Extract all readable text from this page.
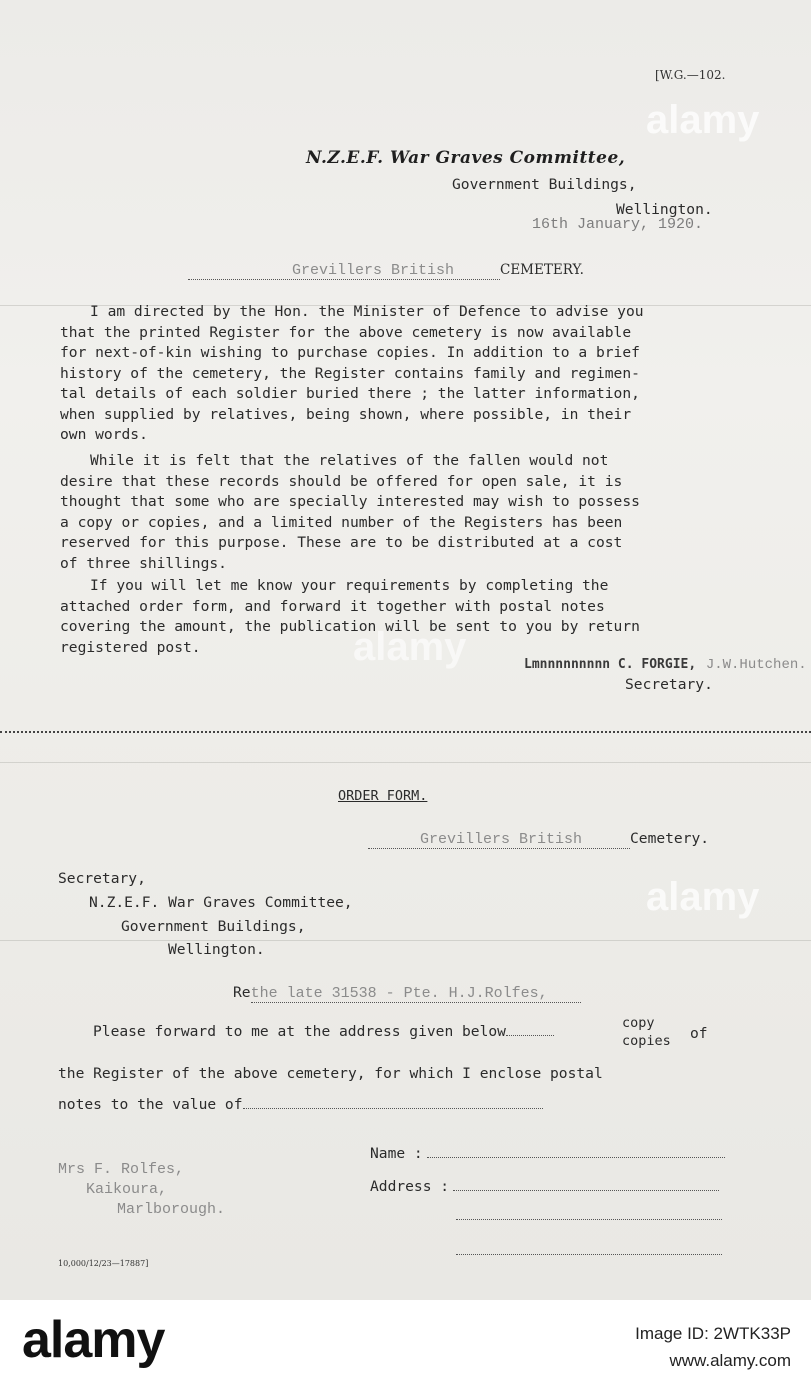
[W.G.—102.
N.Z.E.F. War Graves Committee,
Government Buildings,
Wellington.
16th January, 1920.
Grevillers British	CEMETERY.
I am directed by the Hon. the Minister of Defence to advise you
that the printed Register for the above cemetery is now available
for next-of-kin wishing to purchase copies. In addition to a brief
history of the cemetery, the Register contains family and regimen-
tal details of each soldier buried there ; the latter information,
when supplied by relatives, being shown, where possible, in their
own words.
While it is felt that the relatives of the fallen would not
desire that these records should be offered for open sale, it is
thought that some who are specially interested may wish to possess
a copy or copies, and a limited number of the Registers has been
reserved for this purpose. These are to be distributed at a cost
of three shillings.
If you will let me know your requirements by completing the
attached order form, and forward it together with postal notes
covering the amount, the publication will be sent to you by return
registered post.
Lmnnnnnnnnn C. FORGIE, J.W.Hutchen.
Secretary.
ORDER FORM.
Grevillers British	Cemetery.
Secretary,
N.Z.E.F. War Graves Committee,
Government Buildings,
Wellington.
Rethe late 31538 - Pte. H.J.Rolfes,
Please forward to me at the address given below	copy
copies of
the Register of the above cemetery, for which I enclose postal
notes to the value of
Mrs F. Rolfes,
Kaikoura,
Marlborough.
Name :
Address :
10,000/12/23—17887]
alamy
alamy
alamy
alamy	Image ID: 2WTK33P
www.alamy.com
